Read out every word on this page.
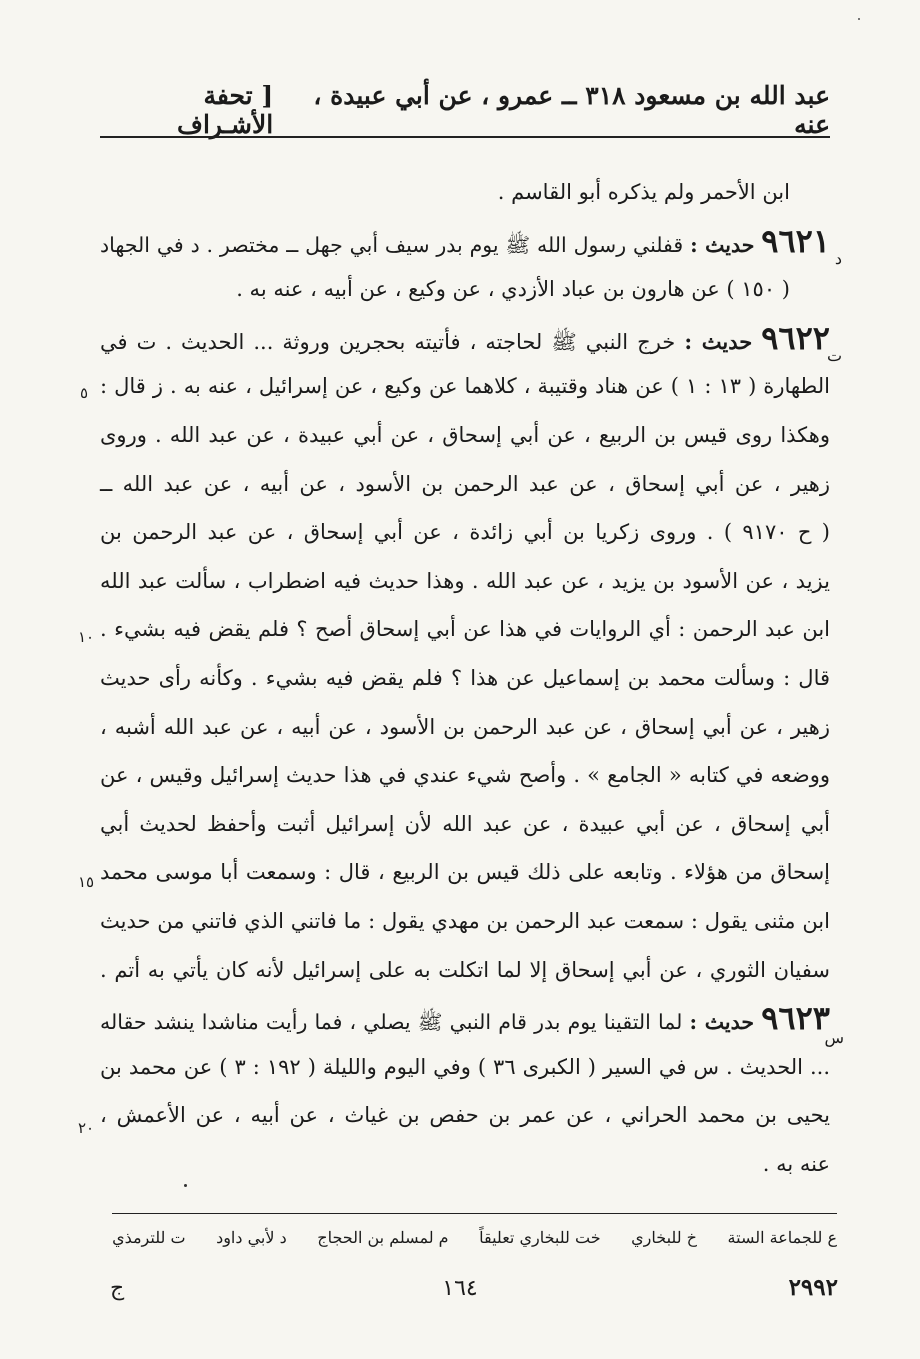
عبد الله بن مسعود ٣١٨ ــ عمرو ، عن أبي عبيدة ، عنه
[ تحفة الأشـراف
ابن الأحمر ولم يذكره أبو القاسم .
٩٦٢١ حديث : قفلني رسول الله ﷺ يوم بدر سيف أبي جهل ــ مختصر . د في الجهاد
د
( ١٥٠ ) عن هارون بن عباد الأزدي ، عن وكيع ، عن أبيه ، عنه به .
٩٦٢٢ حديث : خرج النبي ﷺ لحاجته ، فأتيته بحجرين وروثة ... الحديث . ت في
ت
الطهارة ( ١٣ : ١ ) عن هناد وقتيبة ، كلاهما عن وكيع ، عن إسرائيل ، عنه به . ز قال :
وهكذا روى قيس بن الربيع ، عن أبي إسحاق ، عن أبي عبيدة ، عن عبد الله . وروى
زهير ، عن أبي إسحاق ، عن عبد الرحمن بن الأسود ، عن أبيه ، عن عبد الله ــ
( ح ٩١٧٠ ) . وروى زكريا بن أبي زائدة ، عن أبي إسحاق ، عن عبد الرحمن بن
يزيد ، عن الأسود بن يزيد ، عن عبد الله . وهذا حديث فيه اضطراب ، سألت عبد الله
ابن عبد الرحمن : أي الروايات في هذا عن أبي إسحاق أصح ؟ فلم يقض فيه بشيء .
قال : وسألت محمد بن إسماعيل عن هذا ؟ فلم يقض فيه بشيء . وكأنه رأى حديث
زهير ، عن أبي إسحاق ، عن عبد الرحمن بن الأسود ، عن أبيه ، عن عبد الله أشبه ،
ووضعه في كتابه « الجامع » . وأصح شيء عندي في هذا حديث إسرائيل وقيس ، عن
أبي إسحاق ، عن أبي عبيدة ، عن عبد الله لأن إسرائيل أثبت وأحفظ لحديث أبي
إسحاق من هؤلاء . وتابعه على ذلك قيس بن الربيع ، قال : وسمعت أبا موسى محمد
ابن مثنى يقول : سمعت عبد الرحمن بن مهدي يقول : ما فاتني الذي فاتني من حديث
سفيان الثوري ، عن أبي إسحاق إلا لما اتكلت به على إسرائيل لأنه كان يأتي به أتم .
٩٦٢٣ حديث : لما التقينا يوم بدر قام النبي ﷺ يصلي ، فما رأيت مناشدا ينشد حقاله
س
... الحديث . س في السير ( الكبرى ٣٦ ) وفي اليوم والليلة ( ١٩٢ : ٣ ) عن محمد بن
يحيى بن محمد الحراني ، عن عمر بن حفص بن غياث ، عن أبيه ، عن الأعمش ،
عنه به .
٥
١٠
١٥
٢٠
ع للجماعة الستة
خ للبخاري
خت للبخاري تعليقاً
م لمسلم بن الحجاج
د لأبي داود
ت للترمذي
ج	١٦٤	٢٩٩٢
